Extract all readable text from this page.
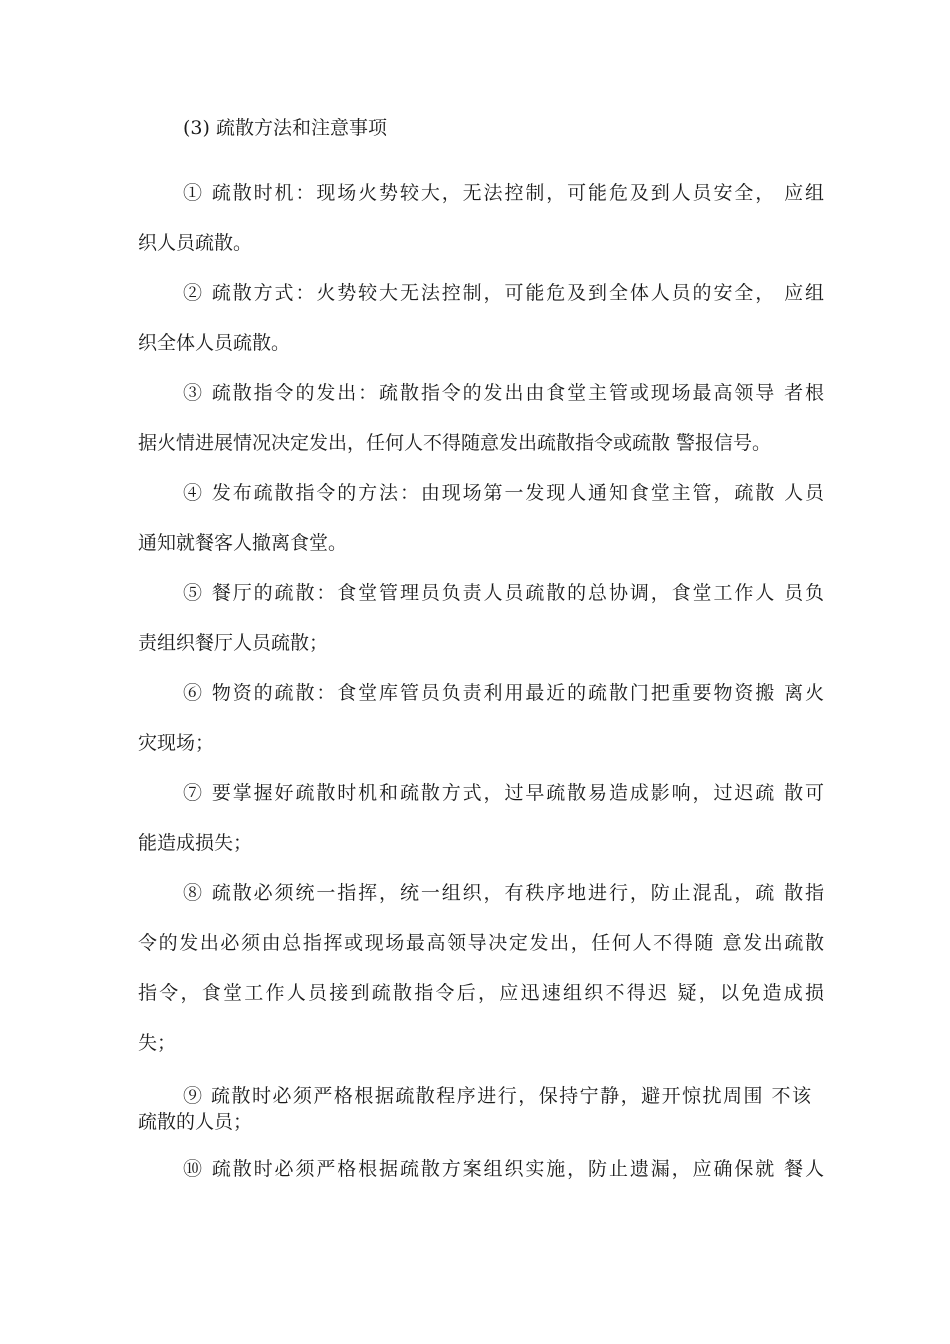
(3) 疏散方法和注意事项
① 疏散时机：现场火势较大，无法控制，可能危及到人员安全， 应组
织人员疏散。
② 疏散方式：火势较大无法控制，可能危及到全体人员的安全， 应组
织全体人员疏散。
③ 疏散指令的发出：疏散指令的发出由食堂主管或现场最高领导 者根
据火情进展情况决定发出，任何人不得随意发出疏散指令或疏散 警报信号。
④ 发布疏散指令的方法：由现场第一发现人通知食堂主管，疏散 人员
通知就餐客人撤离食堂。
⑤ 餐厅的疏散：食堂管理员负责人员疏散的总协调，食堂工作人 员负
责组织餐厅人员疏散；
⑥ 物资的疏散：食堂库管员负责利用最近的疏散门把重要物资搬 离火
灾现场；
⑦ 要掌握好疏散时机和疏散方式，过早疏散易造成影响，过迟疏 散可
能造成损失；
⑧ 疏散必须统一指挥，统一组织，有秩序地进行，防止混乱，疏 散指
令的发出必须由总指挥或现场最高领导决定发出，任何人不得随 意发出疏散
指令，食堂工作人员接到疏散指令后，应迅速组织不得迟 疑，以免造成损
失；
⑨ 疏散时必须严格根据疏散程序进行，保持宁静，避开惊扰周围 不该
疏散的人员；
⑩ 疏散时必须严格根据疏散方案组织实施，防止遗漏，应确保就 餐人
